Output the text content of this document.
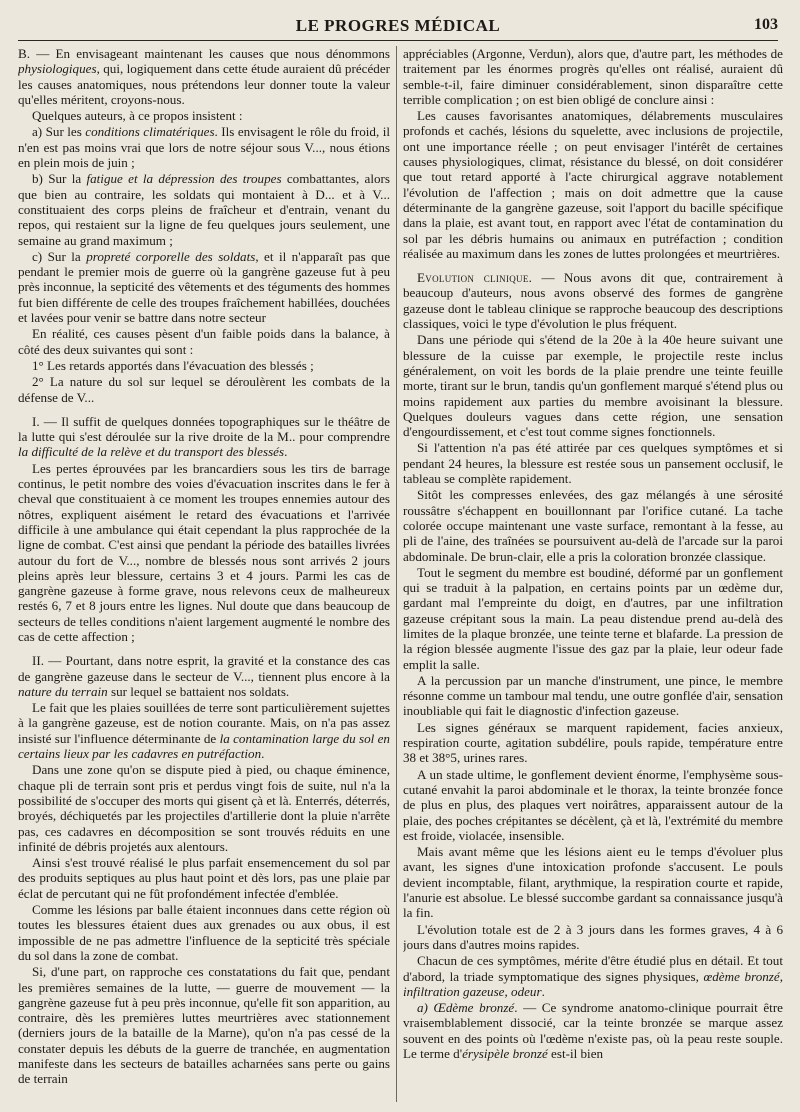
LE PROGRES MÉDICAL	103

B. — En envisageant maintenant les causes que nous dénommons physiologiques, qui, logiquement dans cette étude auraient dû précéder les causes anatomiques, nous prétendons leur donner toute la valeur qu'elles méritent, croyons-nous.

Quelques auteurs, à ce propos insistent :

a) Sur les conditions climatériques. Ils envisagent le rôle du froid, il n'en est pas moins vrai que lors de notre séjour sous V..., nous étions en plein mois de juin ;

b) Sur la fatigue et la dépression des troupes combattantes, alors que bien au contraire, les soldats qui montaient à D... et à V... constituaient des corps pleins de fraîcheur et d'entrain, venant du repos, qui restaient sur la ligne de feu quelques jours seulement, une semaine au grand maximum ;

c) Sur la propreté corporelle des soldats, et il n'apparaît pas que pendant le premier mois de guerre où la gangrène gazeuse fut à peu près inconnue, la septicité des vêtements et des téguments des hommes fut bien différente de celle des troupes fraîchement habillées, douchées et lavées pour venir se battre dans notre secteur

En réalité, ces causes pèsent d'un faible poids dans la balance, à côté des deux suivantes qui sont :

1° Les retards apportés dans l'évacuation des blessés ;

2° La nature du sol sur lequel se déroulèrent les combats de la défense de V...

I. — Il suffit de quelques données topographiques sur le théâtre de la lutte qui s'est déroulée sur la rive droite de la M.. pour comprendre la difficulté de la relève et du transport des blessés.

Les pertes éprouvées par les brancardiers sous les tirs de barrage continus, le petit nombre des voies d'évacuation inscrites dans le fer à cheval que constituaient à ce moment les troupes ennemies autour des nôtres, expliquent aisément le retard des évacuations et l'arrivée difficile à une ambulance qui était cependant la plus rapprochée de la ligne de combat. C'est ainsi que pendant la période des batailles livrées autour du fort de V..., nombre de blessés nous sont arrivés 2 jours pleins après leur blessure, certains 3 et 4 jours. Parmi les cas de gangrène gazeuse à forme grave, nous relevons ceux de malheureux restés 6, 7 et 8 jours entre les lignes. Nul doute que dans beaucoup de secteurs de telles conditions n'aient largement augmenté le nombre des cas de cette affection ;

II. — Pourtant, dans notre esprit, la gravité et la constance des cas de gangrène gazeuse dans le secteur de V..., tiennent plus encore à la nature du terrain sur lequel se battaient nos soldats.

Le fait que les plaies souillées de terre sont particulièrement sujettes à la gangrène gazeuse, est de notion courante. Mais, on n'a pas assez insisté sur l'influence déterminante de la contamination large du sol en certains lieux par les cadavres en putréfaction.

Dans une zone qu'on se dispute pied à pied, ou chaque éminence, chaque pli de terrain sont pris et perdus vingt fois de suite, nul n'a la possibilité de s'occuper des morts qui gisent çà et là. Enterrés, déterrés, broyés, déchiquetés par les projectiles d'artillerie dont la pluie n'arrête pas, ces cadavres en décomposition se sont trouvés réduits en une infinité de débris projetés aux alentours.

Ainsi s'est trouvé réalisé le plus parfait ensemencement du sol par des produits septiques au plus haut point et dès lors, pas une plaie par éclat de percutant qui ne fût profondément infectée d'emblée.

Comme les lésions par balle étaient inconnues dans cette région où toutes les blessures étaient dues aux grenades ou aux obus, il est impossible de ne pas admettre l'influence de la septicité très spéciale du sol dans la zone de combat.

Si, d'une part, on rapproche ces constatations du fait que, pendant les premières semaines de la lutte, — guerre de mouvement — la gangrène gazeuse fut à peu près inconnue, qu'elle fit son apparition, au contraire, dès les premières luttes meurtrières avec stationnement (derniers jours de la bataille de la Marne), qu'on n'a pas cessé de la constater depuis les débuts de la guerre de tranchée, en augmentation manifeste dans les secteurs de batailles acharnées sans perte ou gains de terrain

appréciables (Argonne, Verdun), alors que, d'autre part, les méthodes de traitement par les énormes progrès qu'elles ont réalisé, auraient dû semble-t-il, faire diminuer considérablement, sinon disparaître cette terrible complication ; on est bien obligé de conclure ainsi :

Les causes favorisantes anatomiques, délabrements musculaires profonds et cachés, lésions du squelette, avec inclusions de projectile, ont une importance réelle ; on peut envisager l'intérêt de certaines causes physiologiques, climat, résistance du blessé, on doit considérer que tout retard apporté à l'acte chirurgical aggrave notablement l'évolution de l'affection ; mais on doit admettre que la cause déterminante de la gangrène gazeuse, soit l'apport du bacille spécifique dans la plaie, est avant tout, en rapport avec l'état de contamination du sol par les débris humains ou animaux en putréfaction ; condition réalisée au maximum dans les zones de luttes prolongées et meurtrières.

Evolution clinique. — Nous avons dit que, contrairement à beaucoup d'auteurs, nous avons observé des formes de gangrène gazeuse dont le tableau clinique se rapproche beaucoup des descriptions classiques, voici le type d'évolution le plus fréquent.

Dans une période qui s'étend de la 20e à la 40e heure suivant une blessure de la cuisse par exemple, le projectile reste inclus généralement, on voit les bords de la plaie prendre une teinte feuille morte, tirant sur le brun, tandis qu'un gonflement marqué s'étend plus ou moins rapidement aux parties du membre avoisinant la blessure. Quelques douleurs vagues dans cette région, une sensation d'engourdissement, et c'est tout comme signes fonctionnels.

Si l'attention n'a pas été attirée par ces quelques symptômes et si pendant 24 heures, la blessure est restée sous un pansement occlusif, le tableau se complète rapidement.

Sitôt les compresses enlevées, des gaz mélangés à une sérosité roussâtre s'échappent en bouillonnant par l'orifice cutané. La tache colorée occupe maintenant une vaste surface, remontant à la fesse, au pli de l'aine, des traînées se poursuivent au-delà de l'arcade sur la paroi abdominale. De brun-clair, elle a pris la coloration bronzée classique.

Tout le segment du membre est boudiné, déformé par un gonflement qui se traduit à la palpation, en certains points par un œdème dur, gardant mal l'empreinte du doigt, en d'autres, par une infiltration gazeuse crépitant sous la main. La peau distendue prend au-delà des limites de la plaque bronzée, une teinte terne et blafarde. La pression de la région blessée augmente l'issue des gaz par la plaie, leur odeur fade emplit la salle.

A la percussion par un manche d'instrument, une pince, le membre résonne comme un tambour mal tendu, une outre gonflée d'air, sensation inoubliable qui fait le diagnostic d'infection gazeuse.

Les signes généraux se marquent rapidement, facies anxieux, respiration courte, agitation subdélire, pouls rapide, température entre 38 et 38°5, urines rares.

A un stade ultime, le gonflement devient énorme, l'emphysème sous-cutané envahit la paroi abdominale et le thorax, la teinte bronzée fonce de plus en plus, des plaques vert noirâtres, apparaissent autour de la plaie, des poches crépitantes se décèlent, çà et là, l'extrémité du membre est froide, violacée, insensible.

Mais avant même que les lésions aient eu le temps d'évoluer plus avant, les signes d'une intoxication profonde s'accusent. Le pouls devient incomptable, filant, arythmique, la respiration courte et rapide, l'anurie est absolue. Le blessé succombe gardant sa connaissance jusqu'à la fin.

L'évolution totale est de 2 à 3 jours dans les formes graves, 4 à 6 jours dans d'autres moins rapides.

Chacun de ces symptômes, mérite d'être étudié plus en détail. Et tout d'abord, la triade symptomatique des signes physiques, œdème bronzé, infiltration gazeuse, odeur.

a) Œdème bronzé. — Ce syndrome anatomo-clinique pourrait être vraisemblablement dissocié, car la teinte bronzée se marque assez souvent en des points où l'œdème n'existe pas, où la peau reste souple. Le terme d'érysipèle bronzé est-il bien
